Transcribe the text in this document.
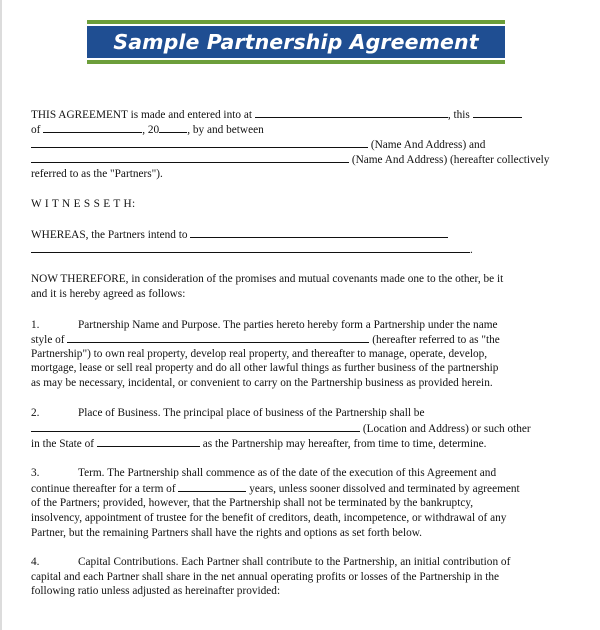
Sample Partnership Agreement
THIS AGREEMENT is made and entered into at	, this
of	, 20 , by and between
(Name And Address) and
(Name And Address) (hereafter collectively
referred to as the "Partners").
W I T N E S S E T H:
WHEREAS, the Partners intend to
.
NOW THEREFORE, in consideration of the promises and mutual covenants made one to the other, be it
and it is hereby agreed as follows:
1.	Partnership Name and Purpose. The parties hereto hereby form a Partnership under the name
style of	(hereafter referred to as "the
Partnership") to own real property, develop real property, and thereafter to manage, operate, develop,
mortgage, lease or sell real property and do all other lawful things as further business of the partnership
as may be necessary, incidental, or convenient to carry on the Partnership business as provided herein.
2.	Place of Business. The principal place of business of the Partnership shall be
(Location and Address) or such other
in the State of	as the Partnership may hereafter, from time to time, determine.
3.	Term. The Partnership shall commence as of the date of the execution of this Agreement and
continue thereafter for a term of	years, unless sooner dissolved and terminated by agreement
of the Partners; provided, however, that the Partnership shall not be terminated by the bankruptcy,
insolvency, appointment of trustee for the benefit of creditors, death, incompetence, or withdrawal of any
Partner, but the remaining Partners shall have the rights and options as set forth below.
4.	Capital Contributions. Each Partner shall contribute to the Partnership, an initial contribution of
capital and each Partner shall share in the net annual operating profits or losses of the Partnership in the
following ratio unless adjusted as hereinafter provided:
